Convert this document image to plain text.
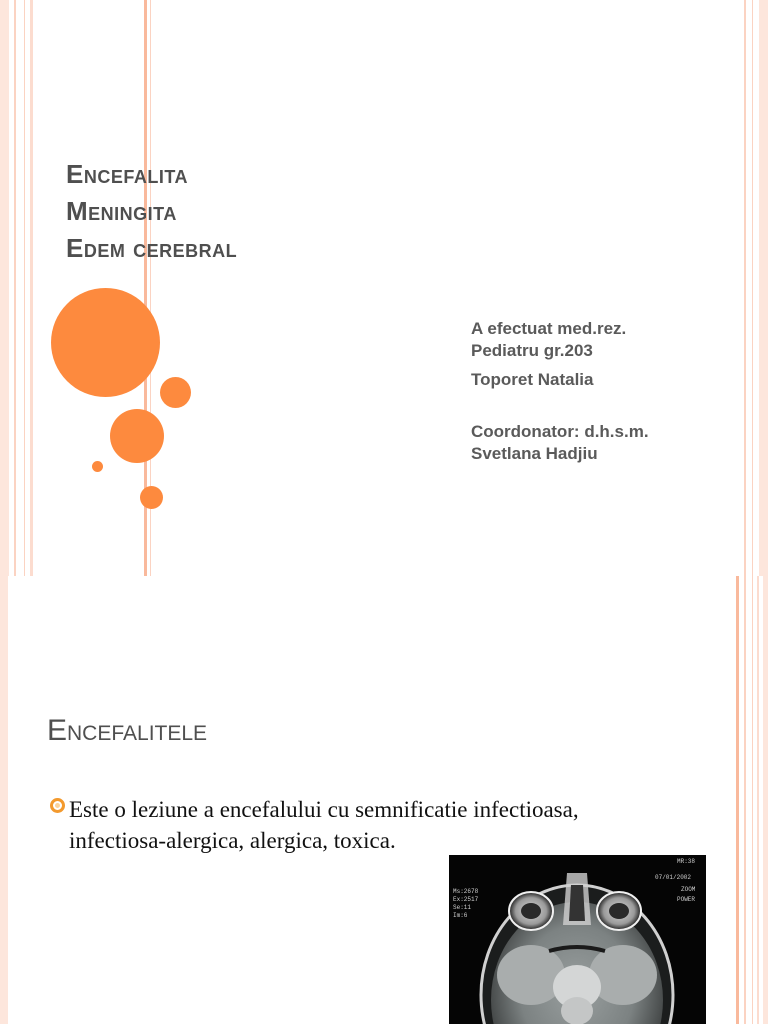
Encefalita
Meningita
Edem cerebral
A efectuat med.rez.
Pediatru gr.203
Toporet Natalia
Coordonator: d.h.s.m.
Svetlana Hadjiu
Encefalitele
Este o leziune a encefalului cu semnificatie infectioasa,
infectiosa-alergica, alergica, toxica.
Ms:2678
Ex:2517
Se:11
Im:6
MR:38
07/01/2002
ZOOM
POWER
